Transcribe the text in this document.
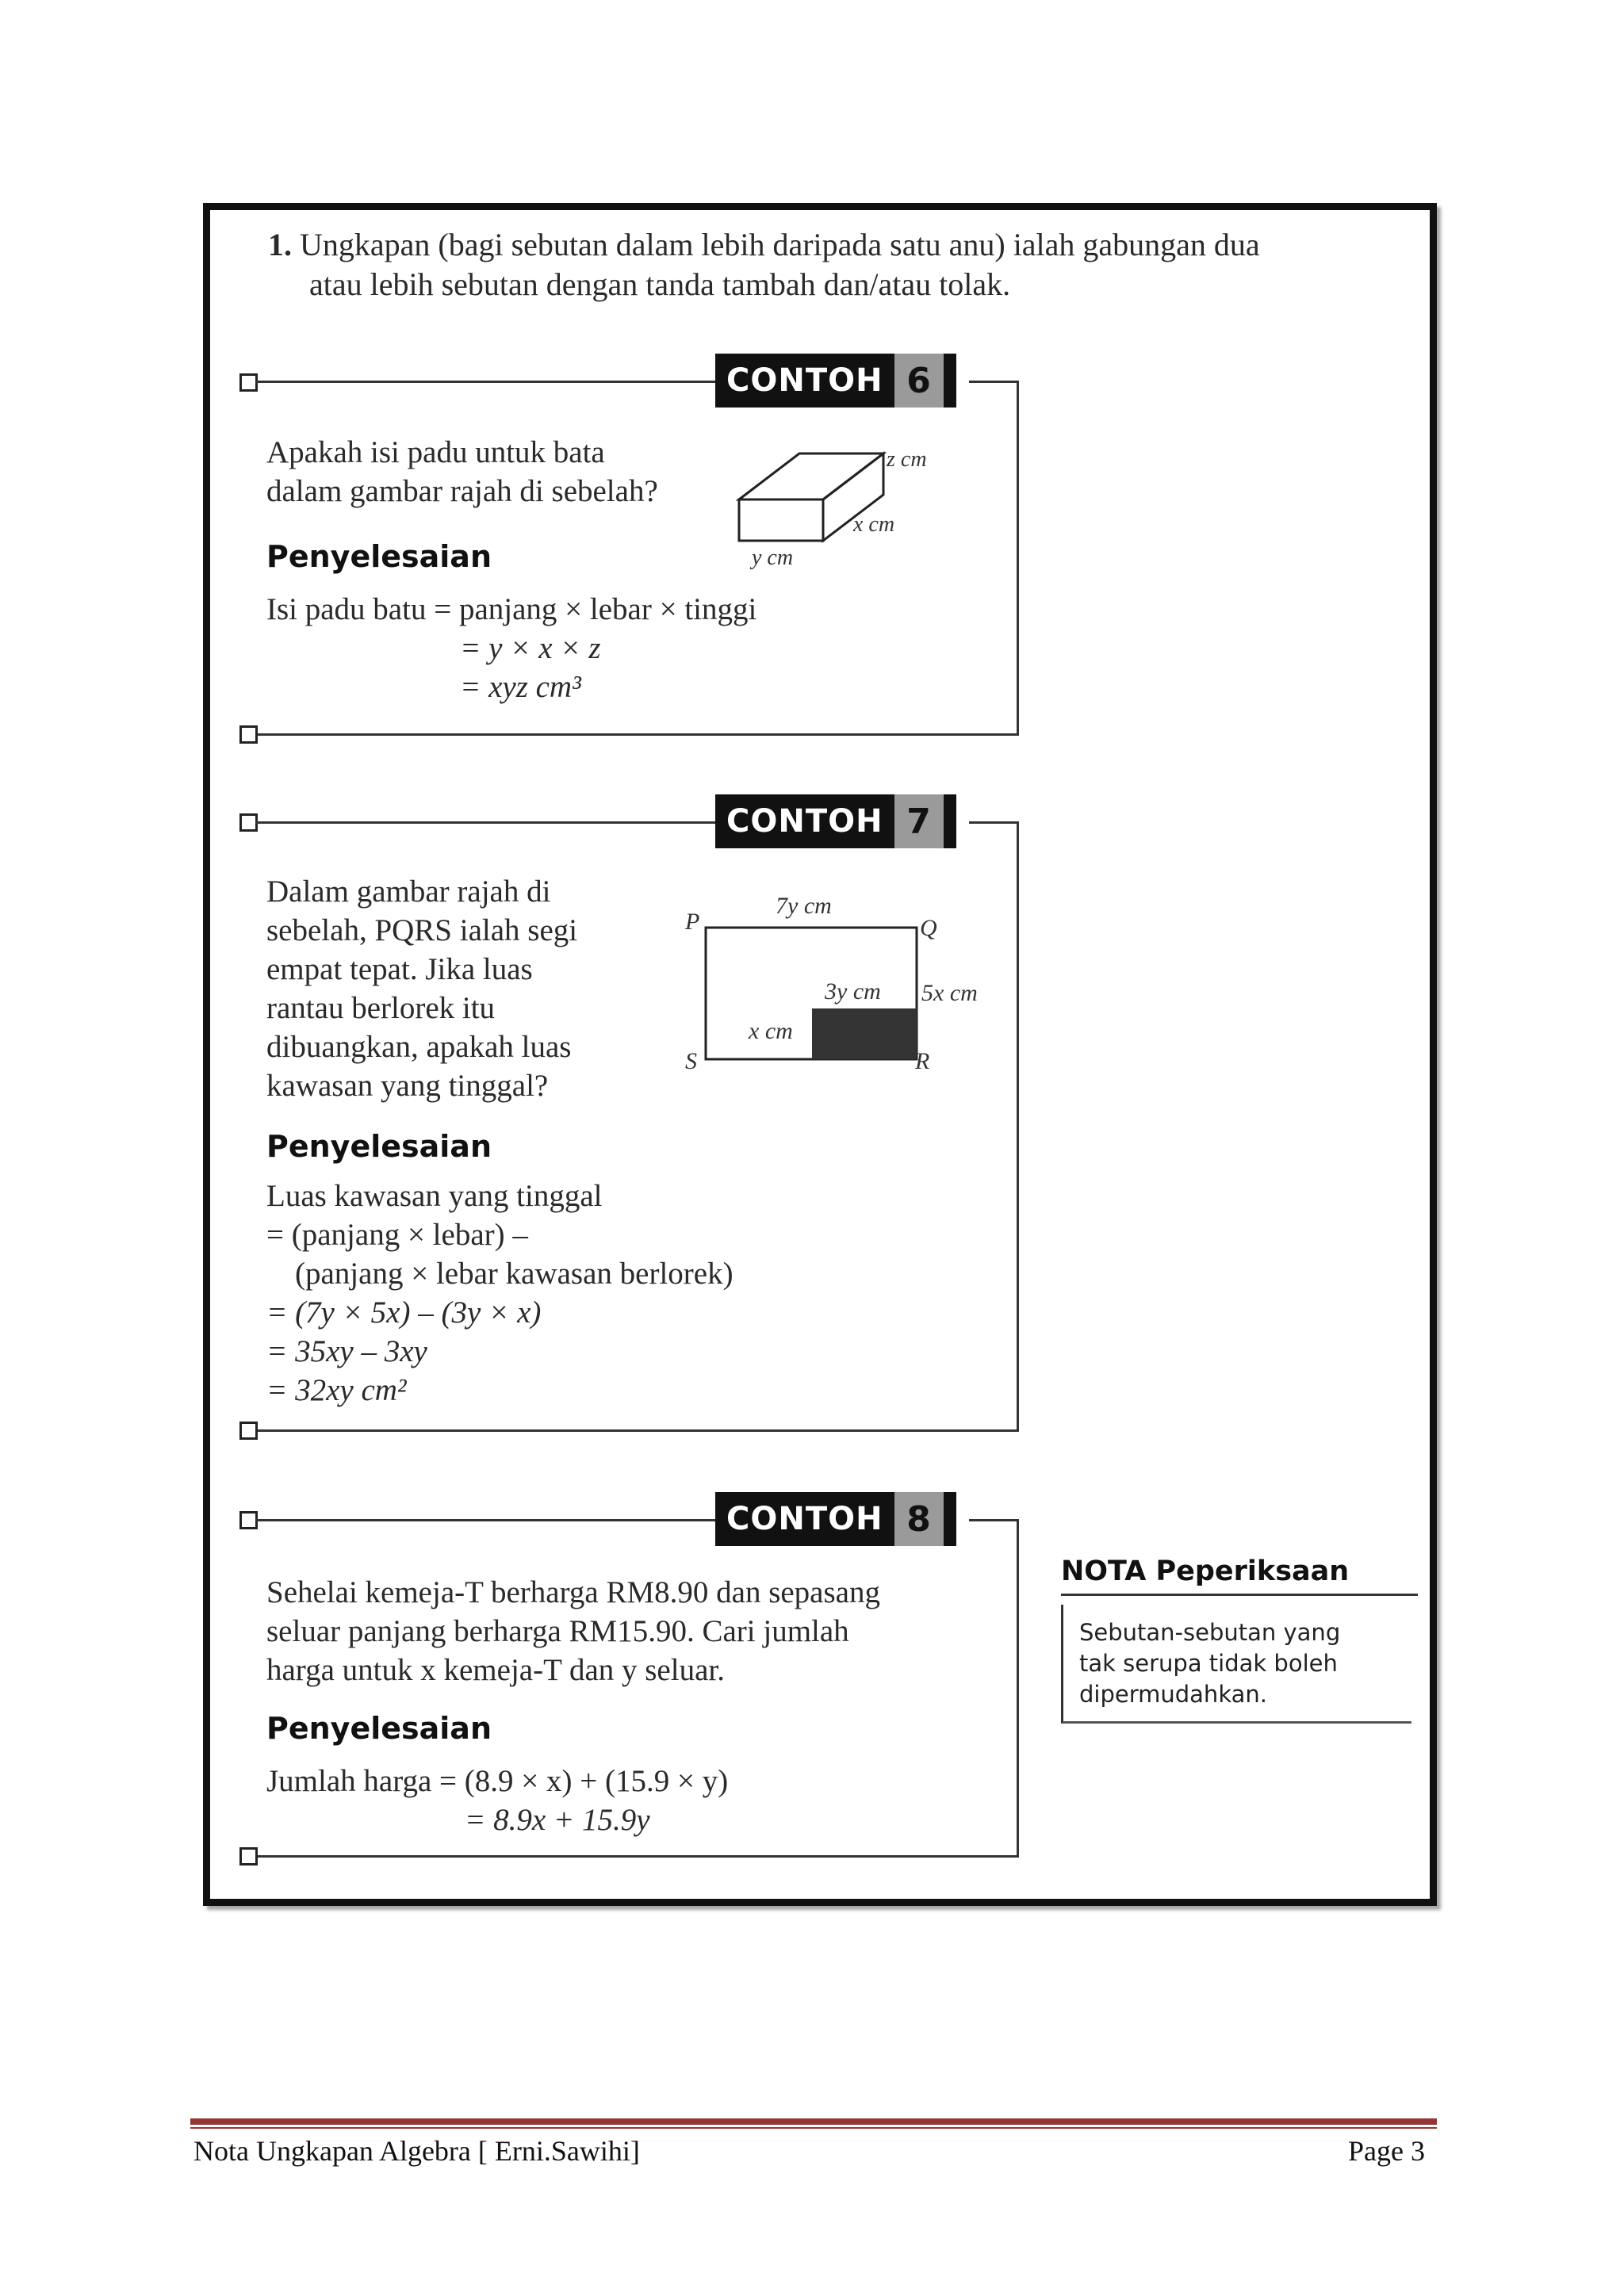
1. Ungkapan (bagi sebutan dalam lebih daripada satu anu) ialah gabungan dua
atau lebih sebutan dengan tanda tambah dan/atau tolak.
CONTOH 6
Apakah isi padu untuk bata
dalam gambar rajah di sebelah?
Penyelesaian
Isi padu batu = panjang × lebar × tinggi
= y × x × z
= xyz cm³
z cm
x cm
y cm
CONTOH 7
Dalam gambar rajah di
sebelah, PQRS ialah segi
empat tepat. Jika luas
rantau berlorek itu
dibuangkan, apakah luas
kawasan yang tinggal?
Penyelesaian
Luas kawasan yang tinggal
= (panjang × lebar) –
(panjang × lebar kawasan berlorek)
= (7y × 5x) – (3y × x)
= 35xy – 3xy
= 32xy cm²
7y cm
P	Q
3y cm 5x cm
x cm
S	R
CONTOH 8
Sehelai kemeja-T berharga RM8.90 dan sepasang
seluar panjang berharga RM15.90. Cari jumlah
harga untuk x kemeja-T dan y seluar.
Penyelesaian
Jumlah harga = (8.9 × x) + (15.9 × y)
= 8.9x + 15.9y
NOTA Peperiksaan
Sebutan-sebutan yang
tak serupa tidak boleh
dipermudahkan.
Nota Ungkapan Algebra [ Erni.Sawihi]	Page 3
